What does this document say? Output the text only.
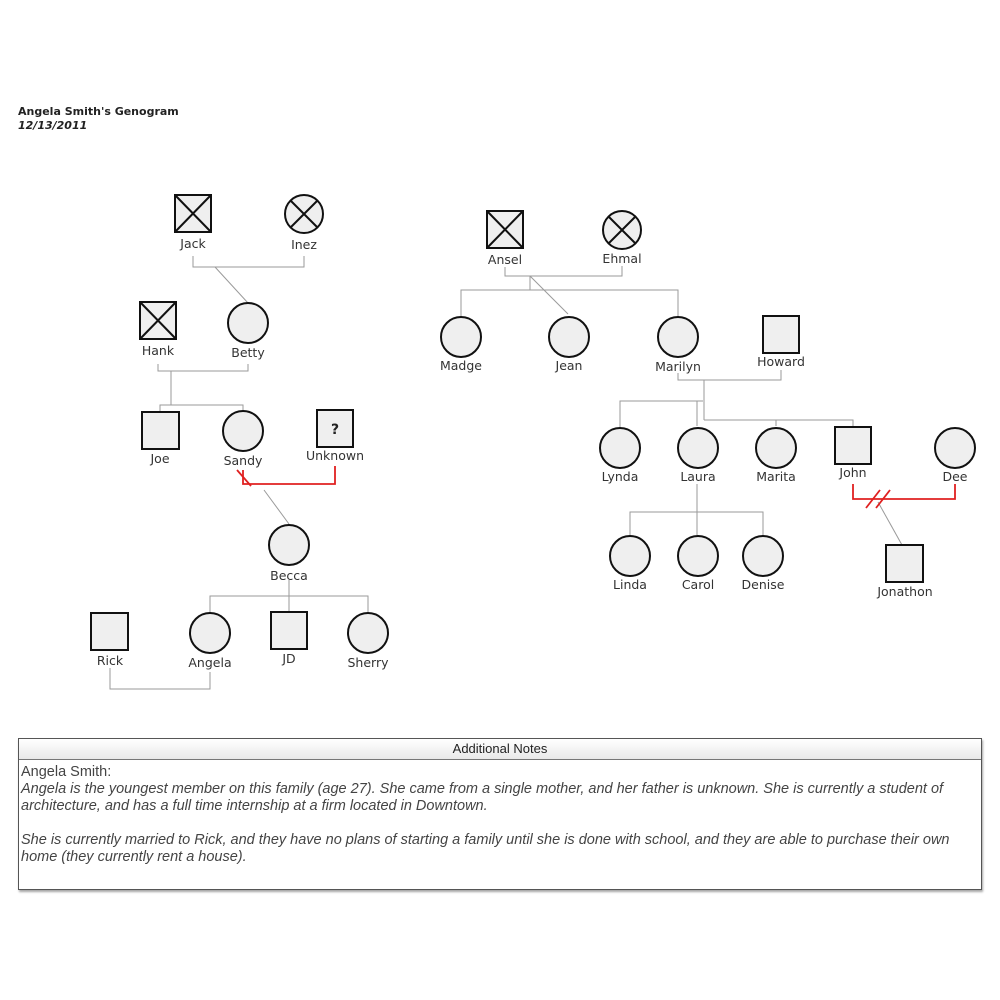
Angela Smith's Genogram
12/13/2011
?
Jack	Inez
Hank	Betty
Joe	Sandy	Unknown
Becca
Rick	Angela	JD	Sherry
Ansel	Ehmal
Madge	Jean	Marilyn	Howard
Lynda	Laura	Marita	John	Dee
Linda	Carol Denise	Jonathon
Additional Notes
Angela Smith:

Angela is the youngest member on this family (age 27). She came from a single mother, and her father is unknown. She is currently a student of architecture, and has a full time internship at a firm located in Downtown.

She is currently married to Rick, and they have no plans of starting a family until she is done with school, and they are able to purchase their own home (they currently rent a house).
